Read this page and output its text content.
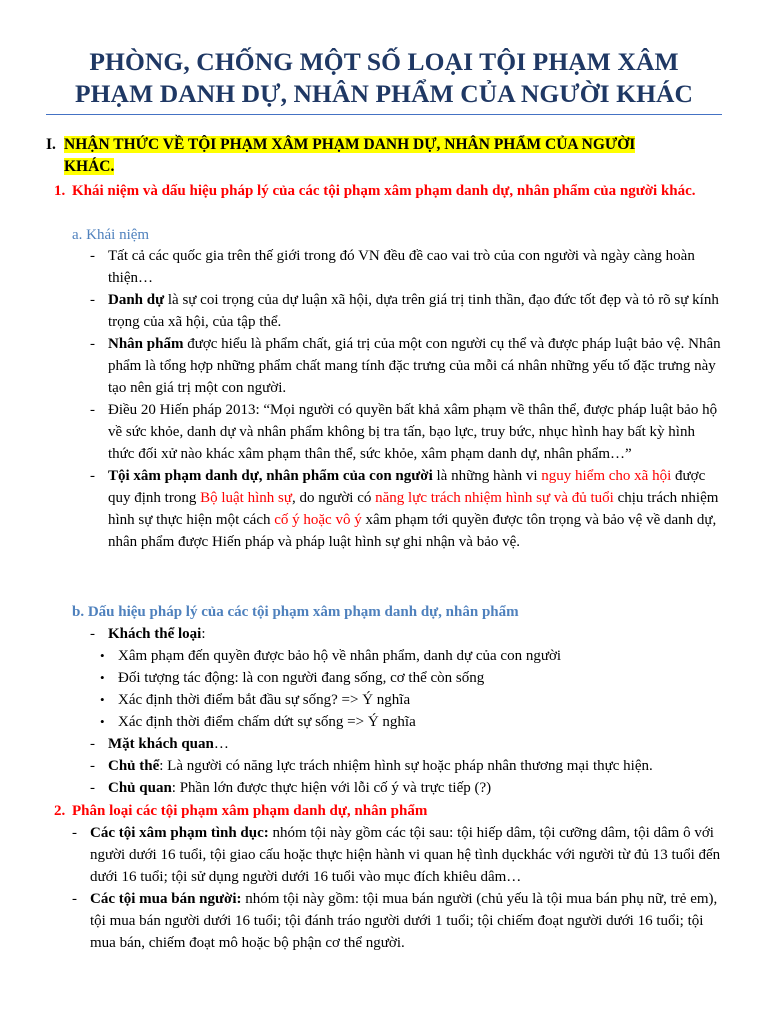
PHÒNG, CHỐNG MỘT SỐ LOẠI TỘI PHẠM XÂM
PHẠM DANH DỰ, NHÂN PHẨM CỦA NGƯỜI KHÁC
I. NHẬN THỨC VỀ TỘI PHẠM XÂM PHẠM DANH DỰ, NHÂN PHẨM CỦA NGƯỜI
KHÁC.
1. Khái niệm và dấu hiệu pháp lý của các tội phạm xâm phạm danh dự, nhân phẩm của người khác.
a. Khái niệm
- Tất cả các quốc gia trên thế giới trong đó VN đều đề cao vai trò của con người và ngày càng hoàn thiện…
- Danh dự là sự coi trọng của dự luận xã hội, dựa trên giá trị tinh thần, đạo đức tốt đẹp và tỏ rõ sự kính trọng của xã hội, của tập thể.
- Nhân phẩm được hiểu là phẩm chất, giá trị của một con người cụ thể và được pháp luật bảo vệ. Nhân phẩm là tổng hợp những phẩm chất mang tính đặc trưng của mỗi cá nhân những yếu tố đặc trưng này tạo nên giá trị một con người.
- Điều 20 Hiến pháp 2013: “Mọi người có quyền bất khả xâm phạm về thân thể, được pháp luật bảo hộ về sức khỏe, danh dự và nhân phẩm không bị tra tấn, bạo lực, truy bức, nhục hình hay bất kỳ hình thức đối xử nào khác xâm phạm thân thể, sức khỏe, xâm phạm danh dự, nhân phẩm…”
- Tội xâm phạm danh dự, nhân phẩm của con người là những hành vi nguy hiểm cho xã hội được quy định trong Bộ luật hình sự, do người có năng lực trách nhiệm hình sự và đủ tuổi chịu trách nhiệm hình sự thực hiện một cách cố ý hoặc vô ý xâm phạm tới quyền được tôn trọng và bảo vệ về danh dự, nhân phẩm được Hiến pháp và pháp luật hình sự ghi nhận và bảo vệ.
b. Dấu hiệu pháp lý của các tội phạm xâm phạm danh dự, nhân phẩm
- Khách thể loại:
• Xâm phạm đến quyền được bảo hộ về nhân phẩm, danh dự của con người
• Đối tượng tác động: là con người đang sống, cơ thể còn sống
• Xác định thời điểm bắt đầu sự sống? => Ý nghĩa
• Xác định thời điểm chấm dứt sự sống => Ý nghĩa
- Mặt khách quan…
- Chủ thể: Là người có năng lực trách nhiệm hình sự hoặc pháp nhân thương mại thực hiện.
- Chủ quan: Phần lớn được thực hiện với lỗi cố ý và trực tiếp (?)
2. Phân loại các tội phạm xâm phạm danh dự, nhân phẩm
- Các tội xâm phạm tình dục: nhóm tội này gồm các tội sau: tội hiếp dâm, tội cưỡng dâm, tội dâm ô với người dưới 16 tuổi, tội giao cấu hoặc thực hiện hành vi quan hệ tình dụckhác với người từ đủ 13 tuổi đến dưới 16 tuổi; tội sử dụng người dưới 16 tuổi vào mục đích khiêu dâm…
- Các tội mua bán người: nhóm tội này gồm: tội mua bán người (chủ yếu là tội mua bán phụ nữ, trẻ em), tội mua bán người dưới 16 tuổi; tội đánh tráo người dưới 1 tuổi; tội chiếm đoạt người dưới 16 tuổi; tội mua bán, chiếm đoạt mô hoặc bộ phận cơ thể người.
